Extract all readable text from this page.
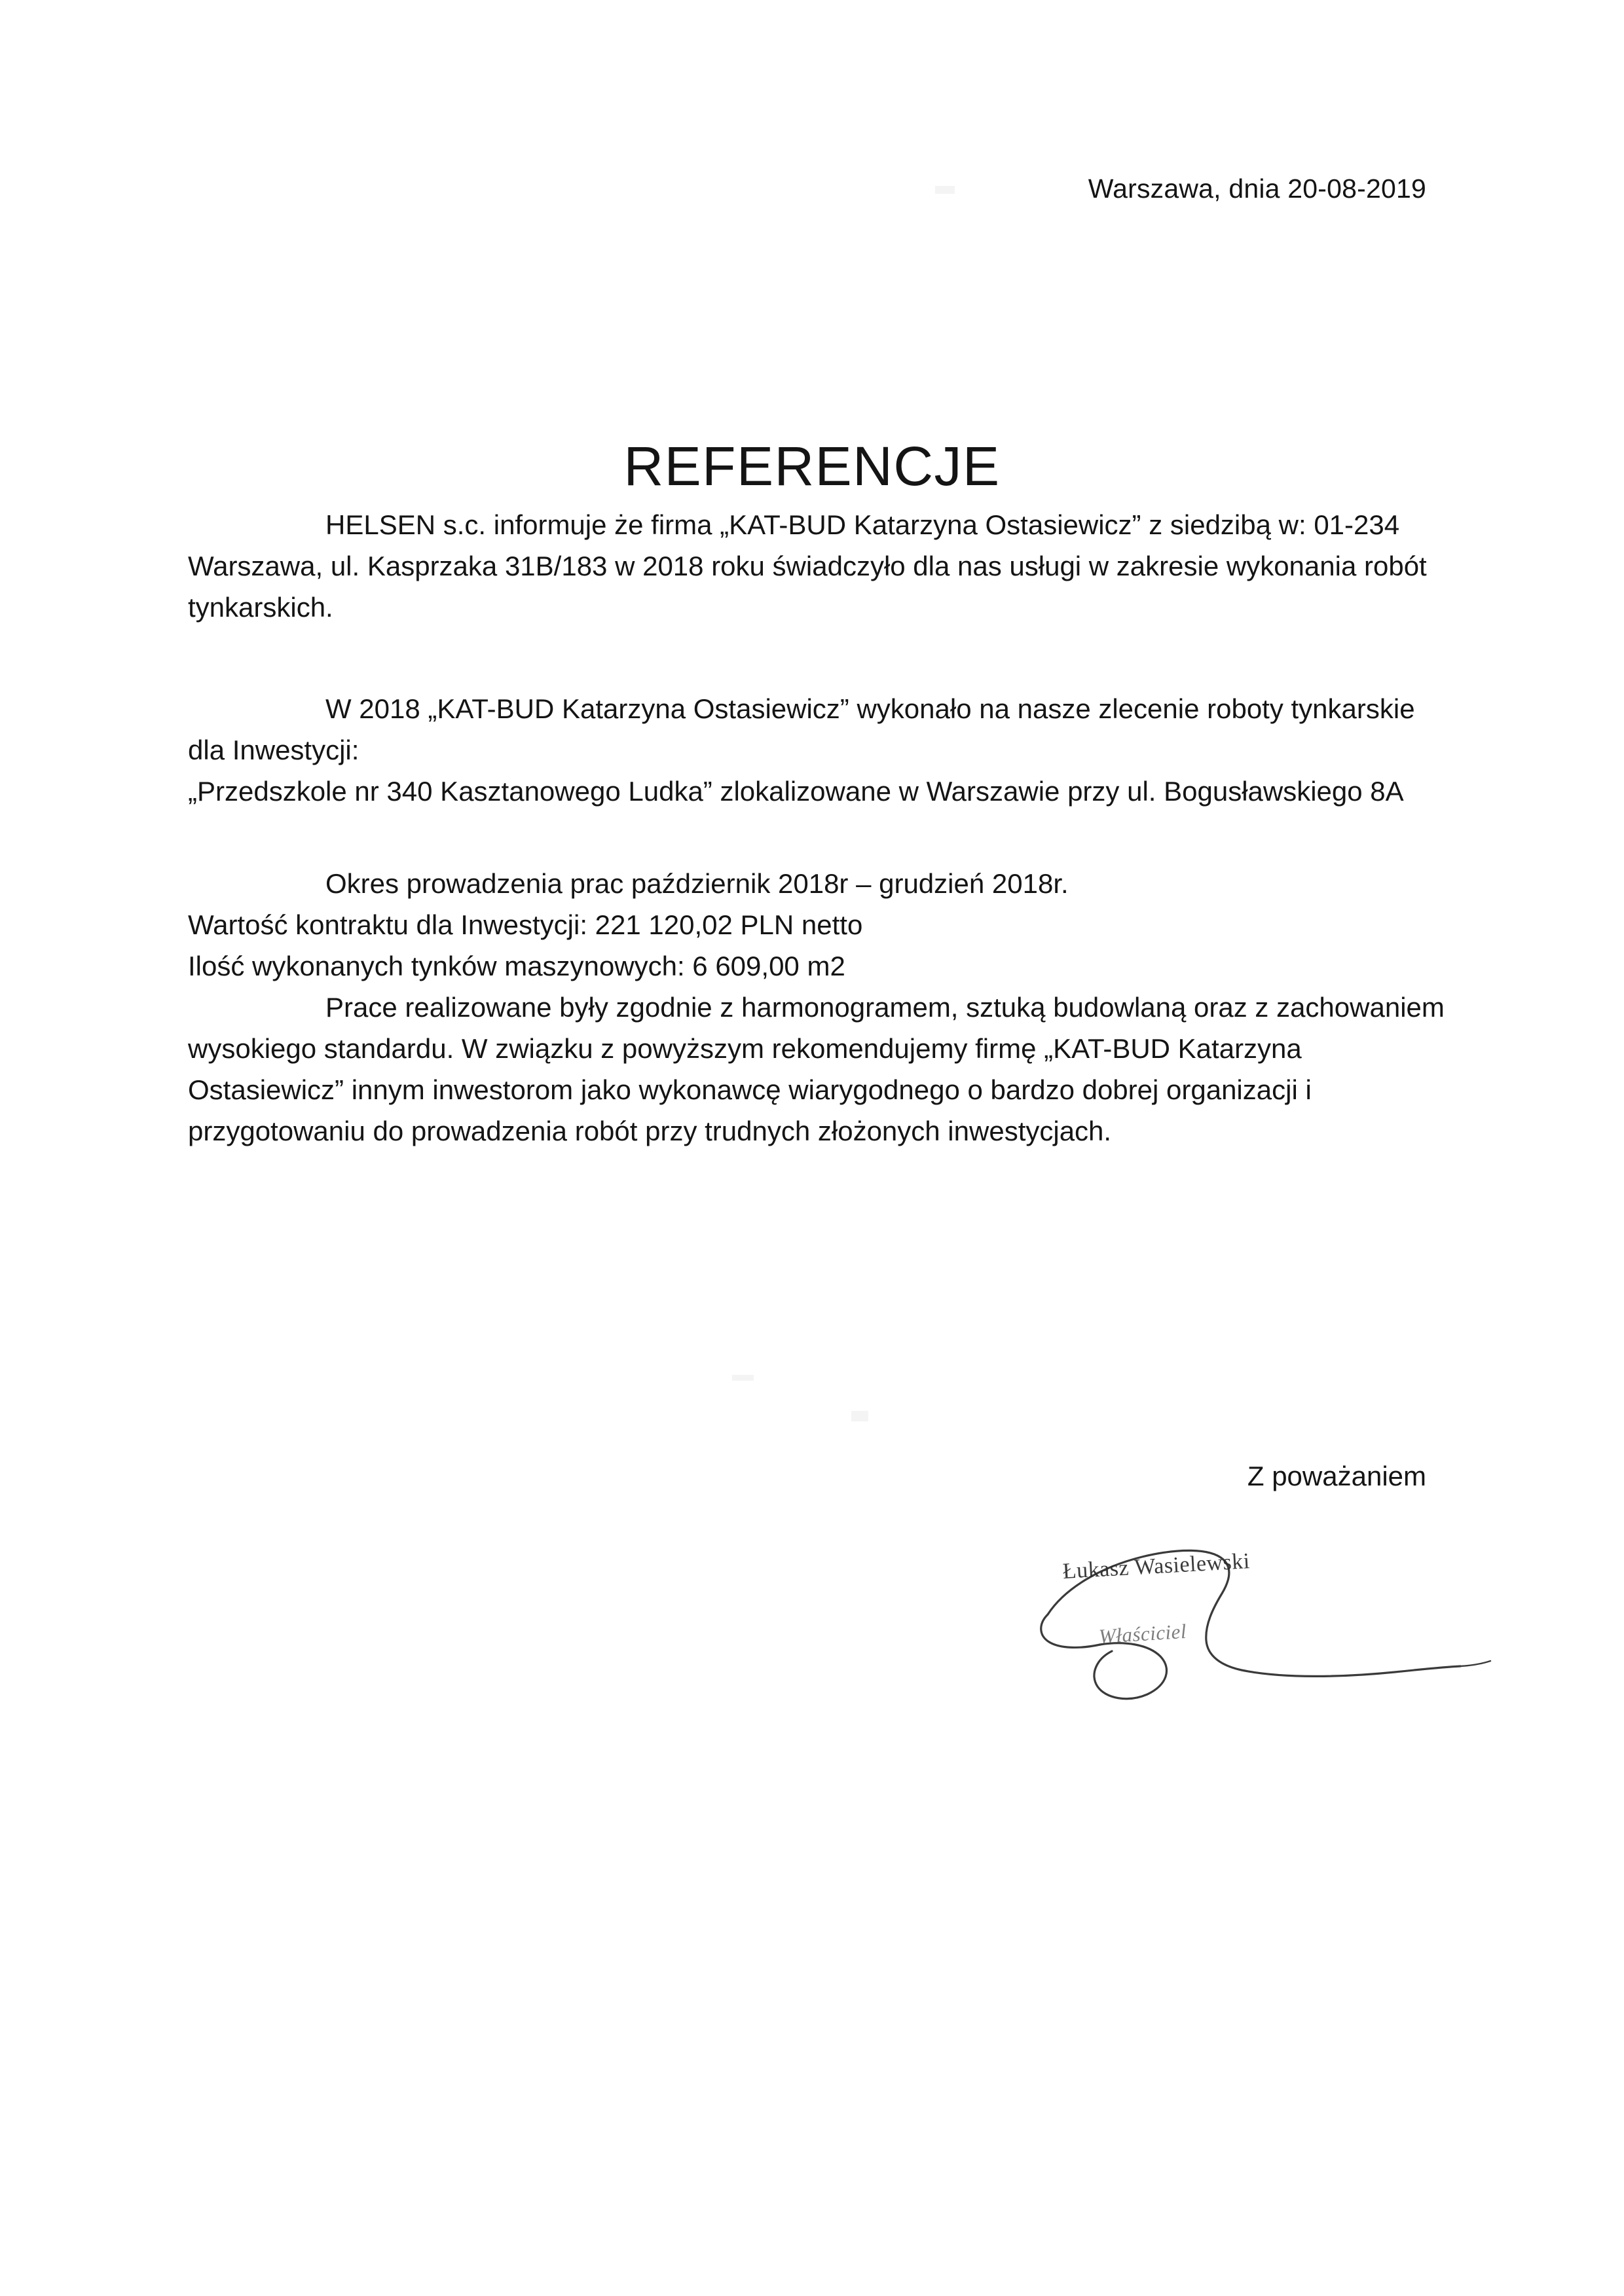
Warszawa, dnia 20-08-2019
REFERENCJE

HELSEN s.c. informuje że firma „KAT-BUD Katarzyna Ostasiewicz” z siedzibą w: 01-234 Warszawa, ul. Kasprzaka 31B/183 w 2018 roku świadczyło dla nas usługi w zakresie wykonania robót tynkarskich.

W 2018 „KAT-BUD Katarzyna Ostasiewicz” wykonało na nasze zlecenie roboty tynkarskie dla Inwestycji:

„Przedszkole nr 340 Kasztanowego Ludka” zlokalizowane w Warszawie przy ul. Bogusławskiego 8A

Okres prowadzenia prac październik 2018r – grudzień 2018r.

Wartość kontraktu dla Inwestycji: 221 120,02 PLN netto

Ilość wykonanych tynków maszynowych: 6 609,00 m2

Prace realizowane były zgodnie z harmonogramem, sztuką budowlaną oraz z zachowaniem wysokiego standardu. W związku z powyższym rekomendujemy firmę „KAT-BUD Katarzyna Ostasiewicz” innym inwestorom jako wykonawcę wiarygodnego o bardzo dobrej organizacji i przygotowaniu do prowadzenia robót przy trudnych złożonych inwestycjach.

Z poważaniem
Łukasz Wasielewski
Właściciel
